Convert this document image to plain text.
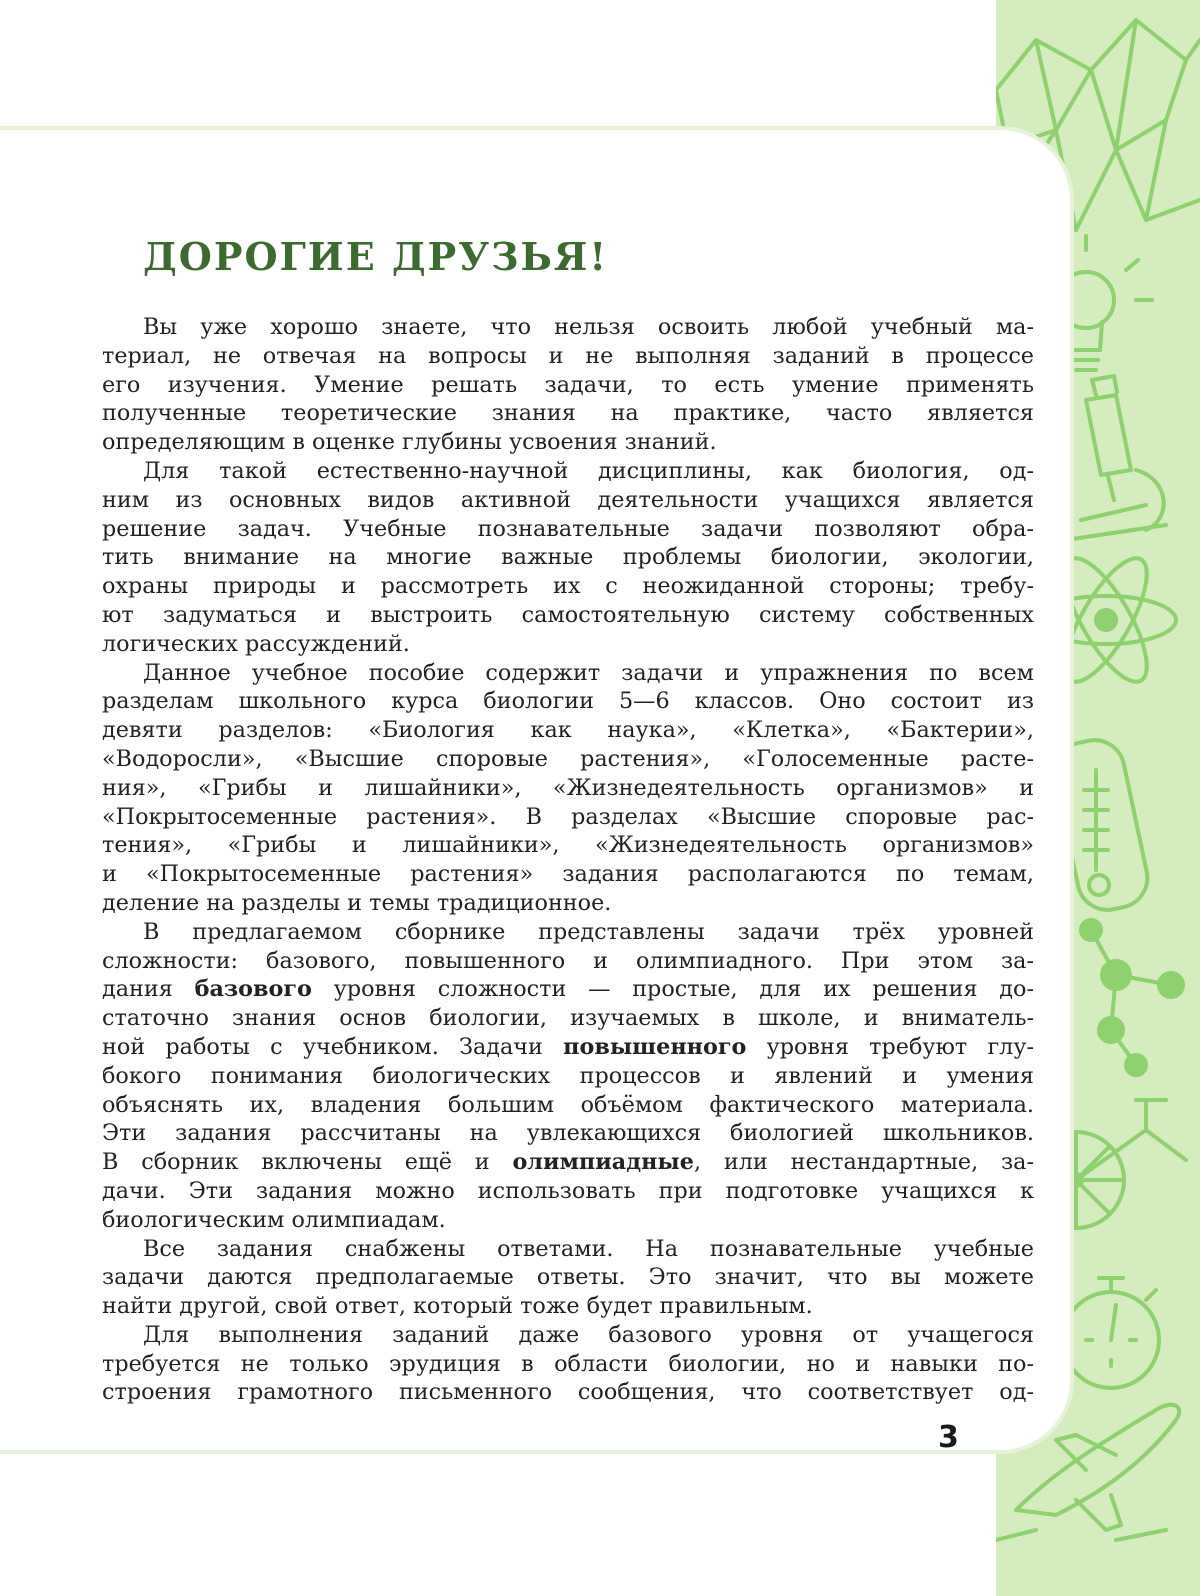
ДОРОГИЕ ДРУЗЬЯ!

Вы уже хорошо знаете, что нельзя освоить любой учебный ма-
териал, не отвечая на вопросы и не выполняя заданий в процессе
его изучения. Умение решать задачи, то есть умение применять
полученные теоретические знания на практике, часто является
определяющим в оценке глубины усвоения знаний.

Для такой естественно-научной дисциплины, как биология, од-
ним из основных видов активной деятельности учащихся является
решение задач. Учебные познавательные задачи позволяют обра-
тить внимание на многие важные проблемы биологии, экологии,
охраны природы и рассмотреть их с неожиданной стороны; требу-
ют задуматься и выстроить самостоятельную систему собственных
логических рассуждений.

Данное учебное пособие содержит задачи и упражнения по всем
разделам школьного курса биологии 5—6 классов. Оно состоит из
девяти разделов: «Биология как наука», «Клетка», «Бактерии»,
«Водоросли», «Высшие споровые растения», «Голосеменные расте-
ния», «Грибы и лишайники», «Жизнедеятельность организмов» и
«Покрытосеменные растения». В разделах «Высшие споровые рас-
тения», «Грибы и лишайники», «Жизнедеятельность организмов»
и «Покрытосеменные растения» задания располагаются по темам,
деление на разделы и темы традиционное.

В предлагаемом сборнике представлены задачи трёх уровней
сложности: базового, повышенного и олимпиадного. При этом за-
дания базового уровня сложности — простые, для их решения до-
статочно знания основ биологии, изучаемых в школе, и вниматель-
ной работы с учебником. Задачи повышенного уровня требуют глу-
бокого понимания биологических процессов и явлений и умения
объяснять их, владения большим объёмом фактического материала.
Эти задания рассчитаны на увлекающихся биологией школьников.
В сборник включены ещё и олимпиадные, или нестандартные, за-
дачи. Эти задания можно использовать при подготовке учащихся к
биологическим олимпиадам.

Все задания снабжены ответами. На познавательные учебные
задачи даются предполагаемые ответы. Это значит, что вы можете
найти другой, свой ответ, который тоже будет правильным.

Для выполнения заданий даже базового уровня от учащегося
требуется не только эрудиция в области биологии, но и навыки по-
строения грамотного письменного сообщения, что соответствует од-

3
